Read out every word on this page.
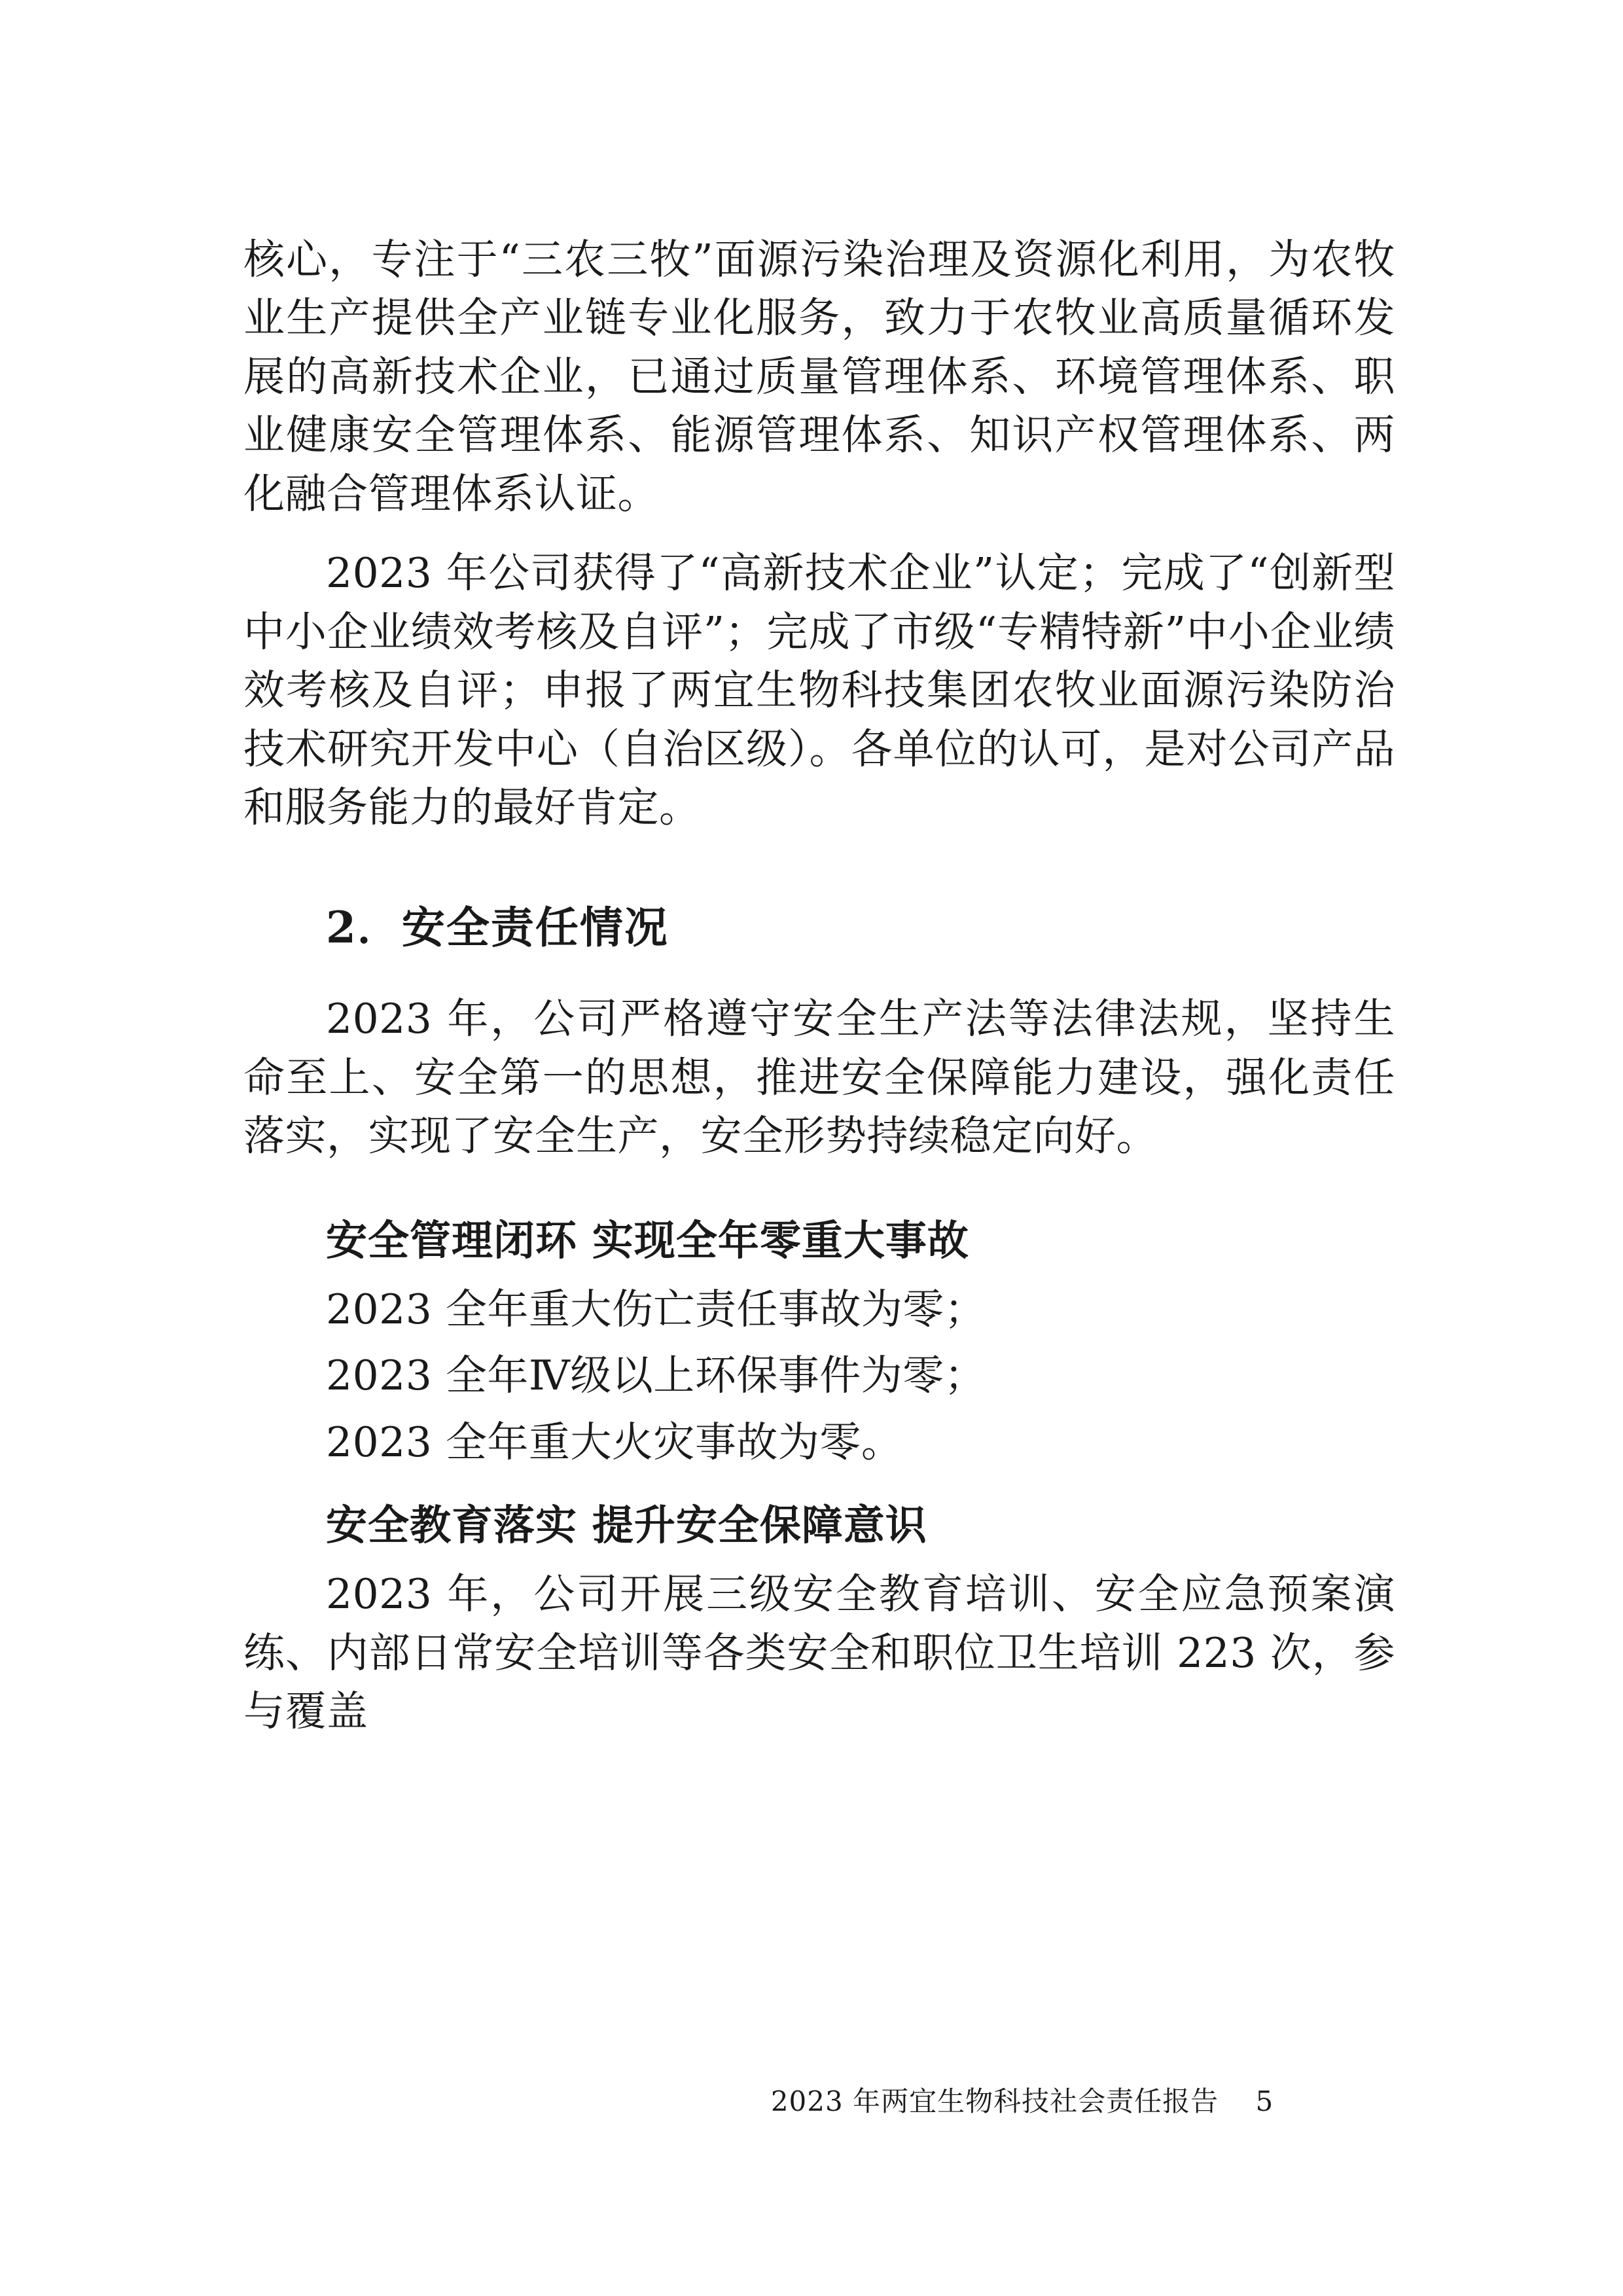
核心，专注于“三农三牧”面源污染治理及资源化利用，为农牧业生产提供全产业链专业化服务，致力于农牧业高质量循环发展的高新技术企业，已通过质量管理体系、环境管理体系、职业健康安全管理体系、能源管理体系、知识产权管理体系、两化融合管理体系认证。

2023 年公司获得了“高新技术企业”认定；完成了“创新型中小企业绩效考核及自评”；完成了市级“专精特新”中小企业绩效考核及自评；申报了两宜生物科技集团农牧业面源污染防治技术研究开发中心（自治区级）。各单位的认可，是对公司产品和服务能力的最好肯定。

2．安全责任情况

2023 年，公司严格遵守安全生产法等法律法规，坚持生命至上、安全第一的思想，推进安全保障能力建设，强化责任落实，实现了安全生产，安全形势持续稳定向好。

安全管理闭环 实现全年零重大事故

2023 全年重大伤亡责任事故为零；

2023 全年Ⅳ级以上环保事件为零；

2023 全年重大火灾事故为零。

安全教育落实 提升安全保障意识

2023 年，公司开展三级安全教育培训、安全应急预案演练、内部日常安全培训等各类安全和职位卫生培训 223 次，参与覆盖

2023 年两宜生物科技社会责任报告 5
